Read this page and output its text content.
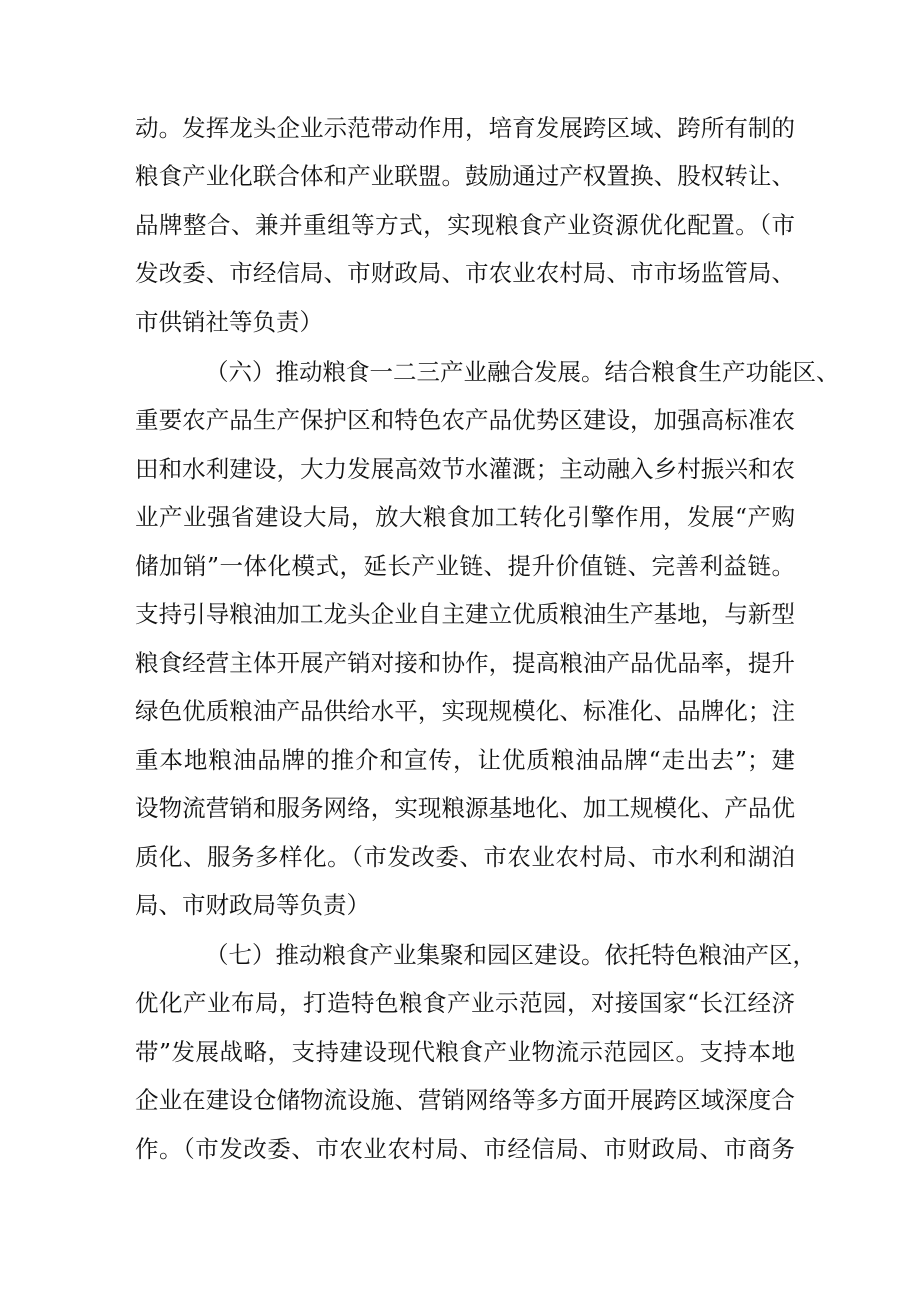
动。发挥龙头企业示范带动作用，培育发展跨区域、跨所有制的
粮食产业化联合体和产业联盟。鼓励通过产权置换、股权转让、
品牌整合、兼并重组等方式，实现粮食产业资源优化配置。（市
发改委、市经信局、市财政局、市农业农村局、市市场监管局、
市供销社等负责）
（六）推动粮食一二三产业融合发展。结合粮食生产功能区、
重要农产品生产保护区和特色农产品优势区建设，加强高标准农
田和水利建设，大力发展高效节水灌溉；主动融入乡村振兴和农
业产业强省建设大局，放大粮食加工转化引擎作用，发展“产购
储加销”一体化模式，延长产业链、提升价值链、完善利益链。
支持引导粮油加工龙头企业自主建立优质粮油生产基地，与新型
粮食经营主体开展产销对接和协作，提高粮油产品优品率，提升
绿色优质粮油产品供给水平，实现规模化、标准化、品牌化；注
重本地粮油品牌的推介和宣传，让优质粮油品牌“走出去”；建
设物流营销和服务网络，实现粮源基地化、加工规模化、产品优
质化、服务多样化。（市发改委、市农业农村局、市水利和湖泊
局、市财政局等负责）
（七）推动粮食产业集聚和园区建设。依托特色粮油产区，
优化产业布局，打造特色粮食产业示范园，对接国家“长江经济
带”发展战略，支持建设现代粮食产业物流示范园区。支持本地
企业在建设仓储物流设施、营销网络等多方面开展跨区域深度合
作。（市发改委、市农业农村局、市经信局、市财政局、市商务
